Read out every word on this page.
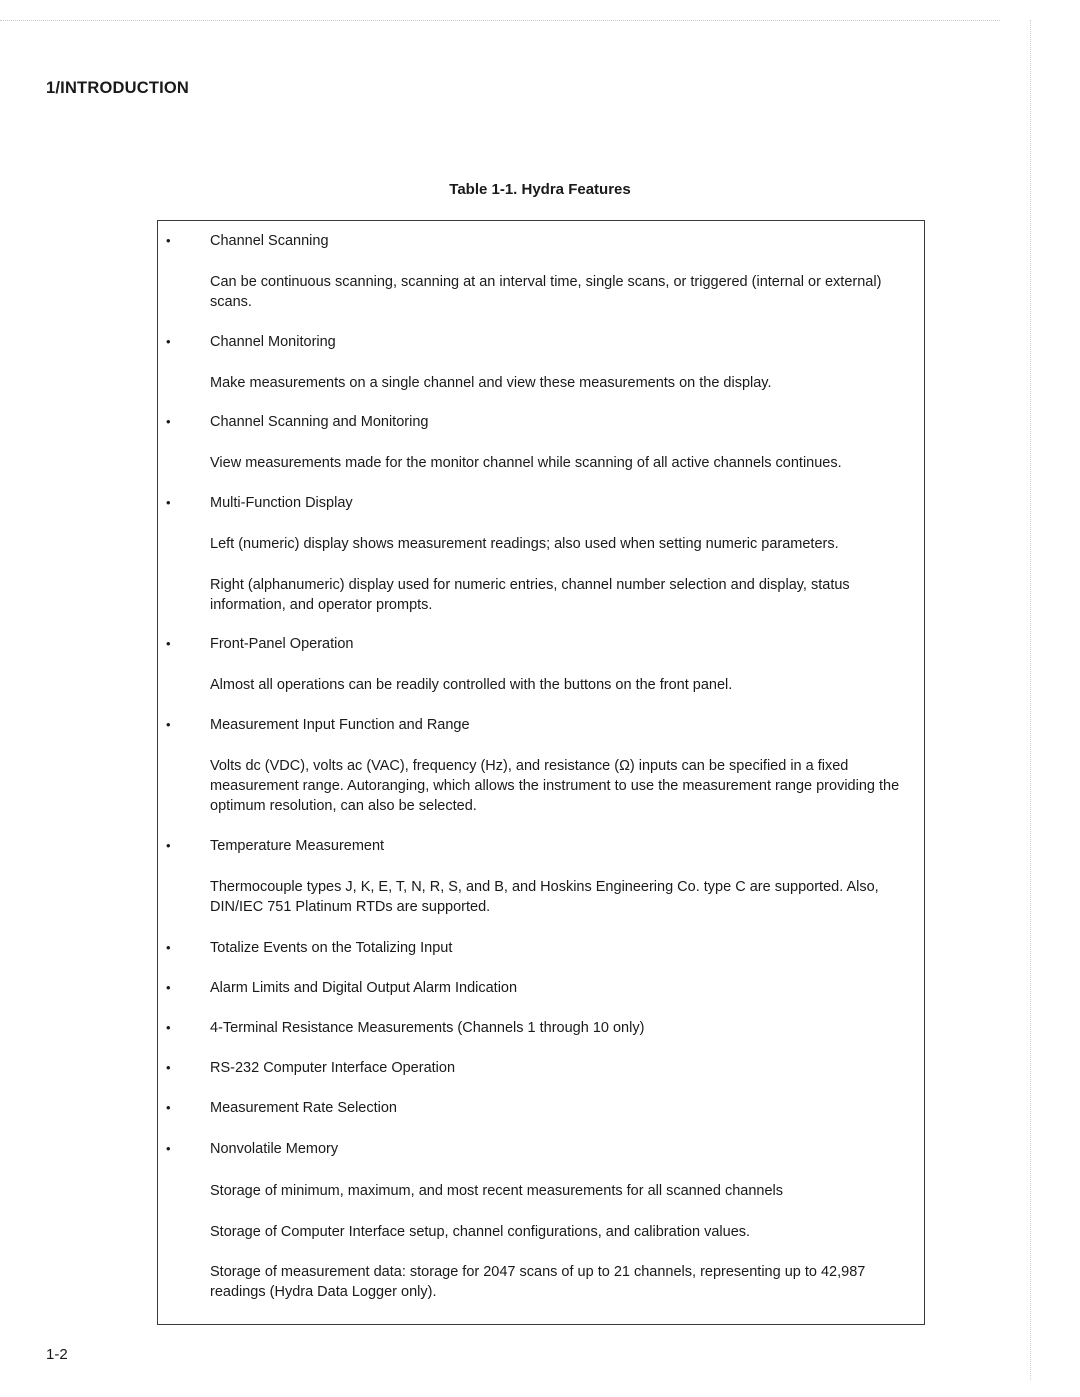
1/INTRODUCTION
Table 1-1. Hydra Features
•	Channel Scanning
Can be continuous scanning, scanning at an interval time, single scans, or triggered (internal or external) scans.
•	Channel Monitoring
Make measurements on a single channel and view these measurements on the display.
•	Channel Scanning and Monitoring
View measurements made for the monitor channel while scanning of all active channels continues.
•	Multi-Function Display
Left (numeric) display shows measurement readings; also used when setting numeric parameters.
Right (alphanumeric) display used for numeric entries, channel number selection and display, status information, and operator prompts.
•	Front-Panel Operation
Almost all operations can be readily controlled with the buttons on the front panel.
•	Measurement Input Function and Range
Volts dc (VDC), volts ac (VAC), frequency (Hz), and resistance (Ω) inputs can be specified in a fixed measurement range. Autoranging, which allows the instrument to use the measurement range providing the optimum resolution, can also be selected.
•	Temperature Measurement
Thermocouple types J, K, E, T, N, R, S, and B, and Hoskins Engineering Co. type C are supported. Also, DIN/IEC 751 Platinum RTDs are supported.
•	Totalize Events on the Totalizing Input
•	Alarm Limits and Digital Output Alarm Indication
•	4-Terminal Resistance Measurements (Channels 1 through 10 only)
•	RS-232 Computer Interface Operation
•	Measurement Rate Selection
•	Nonvolatile Memory
Storage of minimum, maximum, and most recent measurements for all scanned channels
Storage of Computer Interface setup, channel configurations, and calibration values.
Storage of measurement data: storage for 2047 scans of up to 21 channels, representing up to 42,987 readings (Hydra Data Logger only).
1-2
